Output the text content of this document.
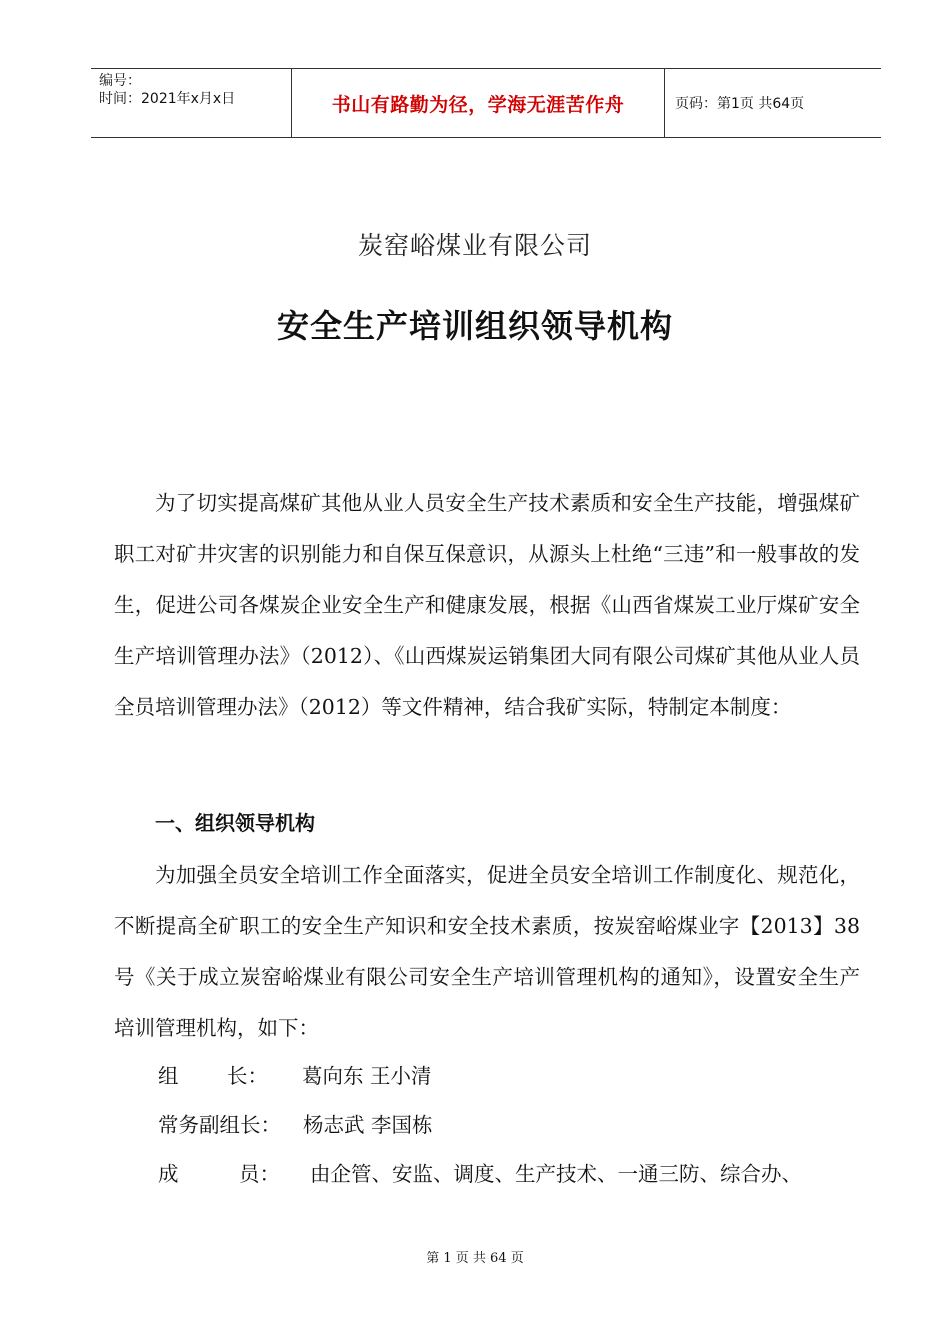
编号：
时间：2021年x月x日	书山有路勤为径，学海无涯苦作舟	页码：第1页 共64页
炭窑峪煤业有限公司
安全生产培训组织领导机构
为了切实提高煤矿其他从业人员安全生产技术素质和安全生产技能，增强煤矿职工对矿井灾害的识别能力和自保互保意识，从源头上杜绝“三违”和一般事故的发生，促进公司各煤炭企业安全生产和健康发展，根据《山西省煤炭工业厅煤矿安全生产培训管理办法》（2012）、《山西煤炭运销集团大同有限公司煤矿其他从业人员全员培训管理办法》（2012）等文件精神，结合我矿实际，特制定本制度：
一、组织领导机构
为加强全员安全培训工作全面落实，促进全员安全培训工作制度化、规范化，不断提高全矿职工的安全生产知识和安全技术素质，按炭窑峪煤业字【2013】38号《关于成立炭窑峪煤业有限公司安全生产培训管理机构的通知》，设置安全生产培训管理机构，如下：
组 长： 葛向东 王小清
常务副组长： 杨志武 李国栋
成	员： 由企管、安监、调度、生产技术、一通三防、综合办、
第 1 页 共 64 页
